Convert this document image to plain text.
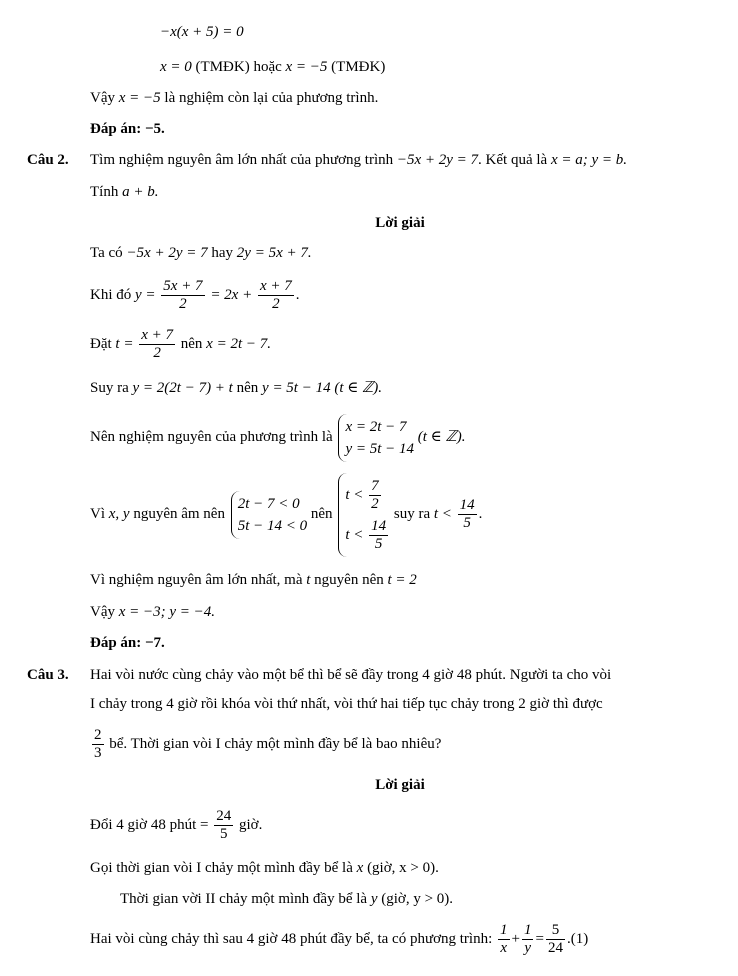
−x(x + 5) = 0
x = 0 (TMĐK) hoặc x = −5 (TMĐK)
Vậy x = −5 là nghiệm còn lại của phương trình.
Đáp án: −5.
Câu 2. Tìm nghiệm nguyên âm lớn nhất của phương trình −5x + 2y = 7. Kết quả là x = a; y = b.
Tính a + b.
Lời giải
Ta có −5x + 2y = 7 hay 2y = 5x + 7.
Khi đó $y = \frac{5x + 7}{2} = 2x + \frac{x + 7}{2}$ .
Đặt $t = \frac{x + 7}{2}$ nên x = 2t − 7.
Suy ra y = 2(2t − 7) + t nên y = 5t − 14 (t ∈ ℤ).
Nên nghiệm nguyên của phương trình là
x = 2t − 7
y = 5t − 14
(t ∈ ℤ).
Vì x, y nguyên âm nên
2t − 7 < 0
5t − 14 < 0
nên
$t < \frac{7}{2}$
$t < \frac{14}{5}$
suy ra $t < \frac{14}{5}$ .
Vì nghiệm nguyên âm lớn nhất, mà t nguyên nên t = 2
Vậy x = −3; y = −4.
Đáp án: −7.
Câu 3. Hai vòi nước cùng chảy vào một bể thì bể sẽ đầy trong 4 giờ 48 phút. Người ta cho vòi
I chảy trong 4 giờ rồi khóa vòi thứ nhất, vòi thứ hai tiếp tục chảy trong 2 giờ thì được
$\frac{2}{3}$ bể. Thời gian vòi I chảy một mình đầy bể là bao nhiêu?
Lời giải
Đổi 4 giờ 48 phút = $\frac{24}{5}$ giờ.
Gọi thời gian vòi I chảy một mình đầy bể là x (giờ, x > 0).
Thời gian vời II chảy một mình đầy bể là y (giờ, y > 0).
Hai vòi cùng chảy thì sau 4 giờ 48 phút đầy bể, ta có phương trình: $\frac{1}{x} + \frac{1}{y} = \frac{5}{24} .(1)$
